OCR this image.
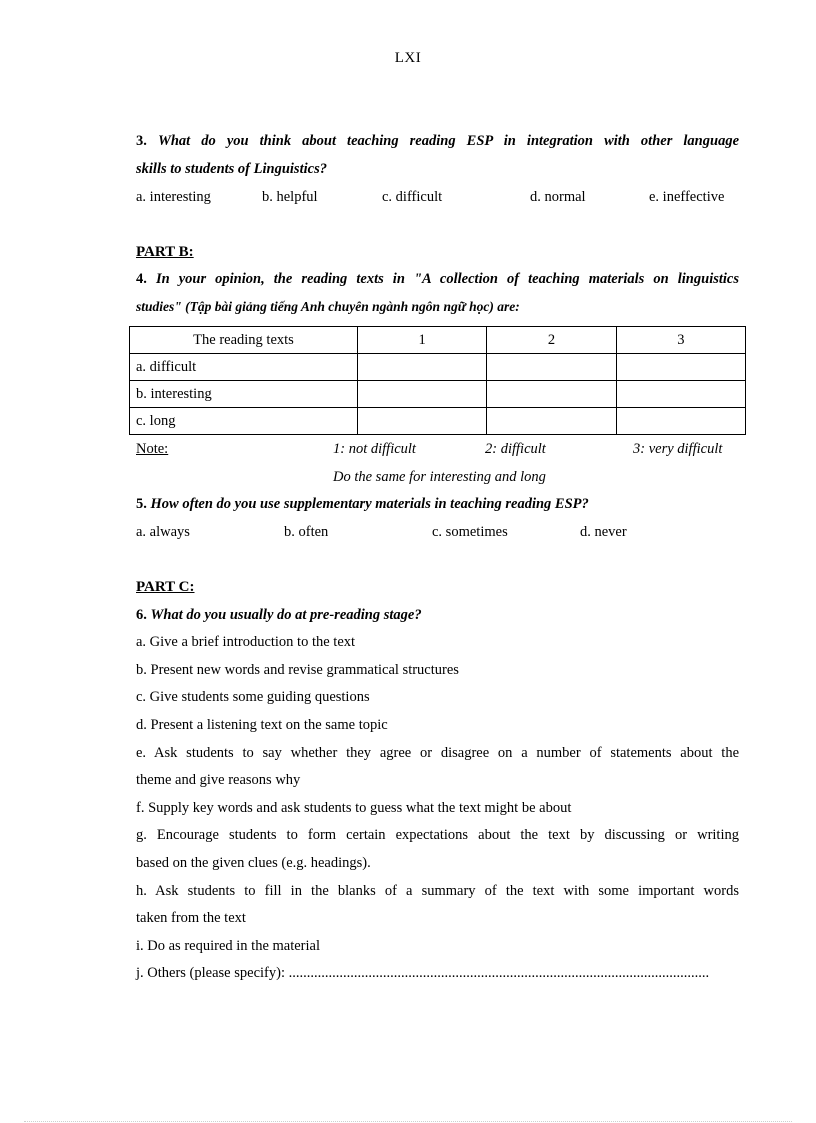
LXI
3. What do you think about teaching reading ESP in integration with other language
skills to students of Linguistics?
a. interesting	b. helpful	c. difficult	d. normal	e. ineffective
PART B:
4. In your opinion, the reading texts in "A collection of teaching materials on linguistics
studies" (Tập bài giảng tiếng Anh chuyên ngành ngôn ngữ học) are:
The reading texts	1	2	3
a. difficult			
b. interesting			
c. long			
Note:	1: not difficult	2: difficult	3: very difficult
Do the same for interesting and long
5. How often do you use supplementary materials in teaching reading ESP?
a. always	b. often	c. sometimes	d. never
PART C:
6. What do you usually do at pre-reading stage?
a. Give a brief introduction to the text
b. Present new words and revise grammatical structures
c. Give students some guiding questions
d. Present a listening text on the same topic
e. Ask students to say whether they agree or disagree on a number of statements about the
theme and give reasons why
f. Supply key words and ask students to guess what the text might be about
g. Encourage students to form certain expectations about the text by discussing or writing
based on the given clues (e.g. headings).
h. Ask students to fill in the blanks of a summary of the text with some important words
taken from the text
i. Do as required in the material
j. Others (please specify): ....................................................................................................................
